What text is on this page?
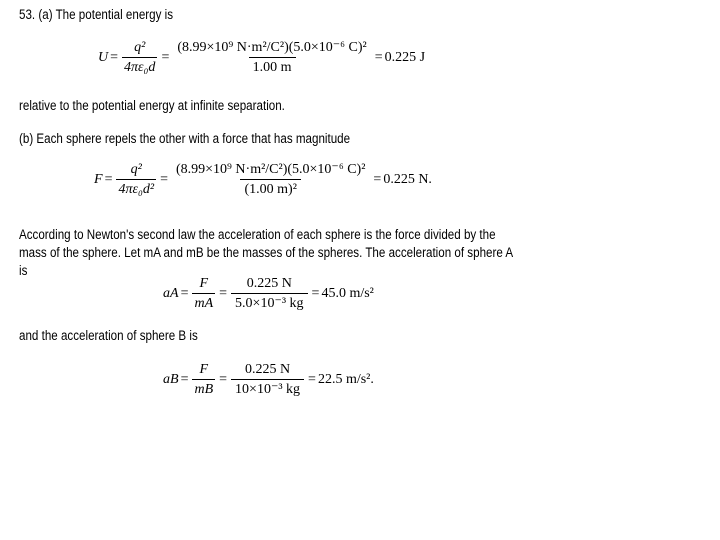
53. (a) The potential energy is
$U = \frac{\text{q²}}{\text{4πε₀d}} = \frac{\text{(8.99×10⁹ N·m²/C²)(5.0×10⁻⁶ C)²}}{1.00 m} = 0.225$ J
relative to the potential energy at infinite separation.
(b) Each sphere repels the other with a force that has magnitude
$F = \frac{\text{q²}}{\text{4πε₀d²}} = \frac{\text{(8.99×10⁹ N·m²/C²)(5.0×10⁻⁶ C)²}}{\text{(1.00 m)²}} = 0.225$ N.
According to Newton's second law the acceleration of each sphere is the force divided by the mass of the sphere. Let mA and mB be the masses of the spheres. The acceleration of sphere A is
aA = $\frac{F}{mA} = \frac{0.225 N}{\text{5.0×10⁻³ kg}} = 45.0$ m/s²
and the acceleration of sphere B is
aB = $\frac{F}{mB} = \frac{0.225 N}{\text{10×10⁻³ kg}} = 22.5$ m/s².
